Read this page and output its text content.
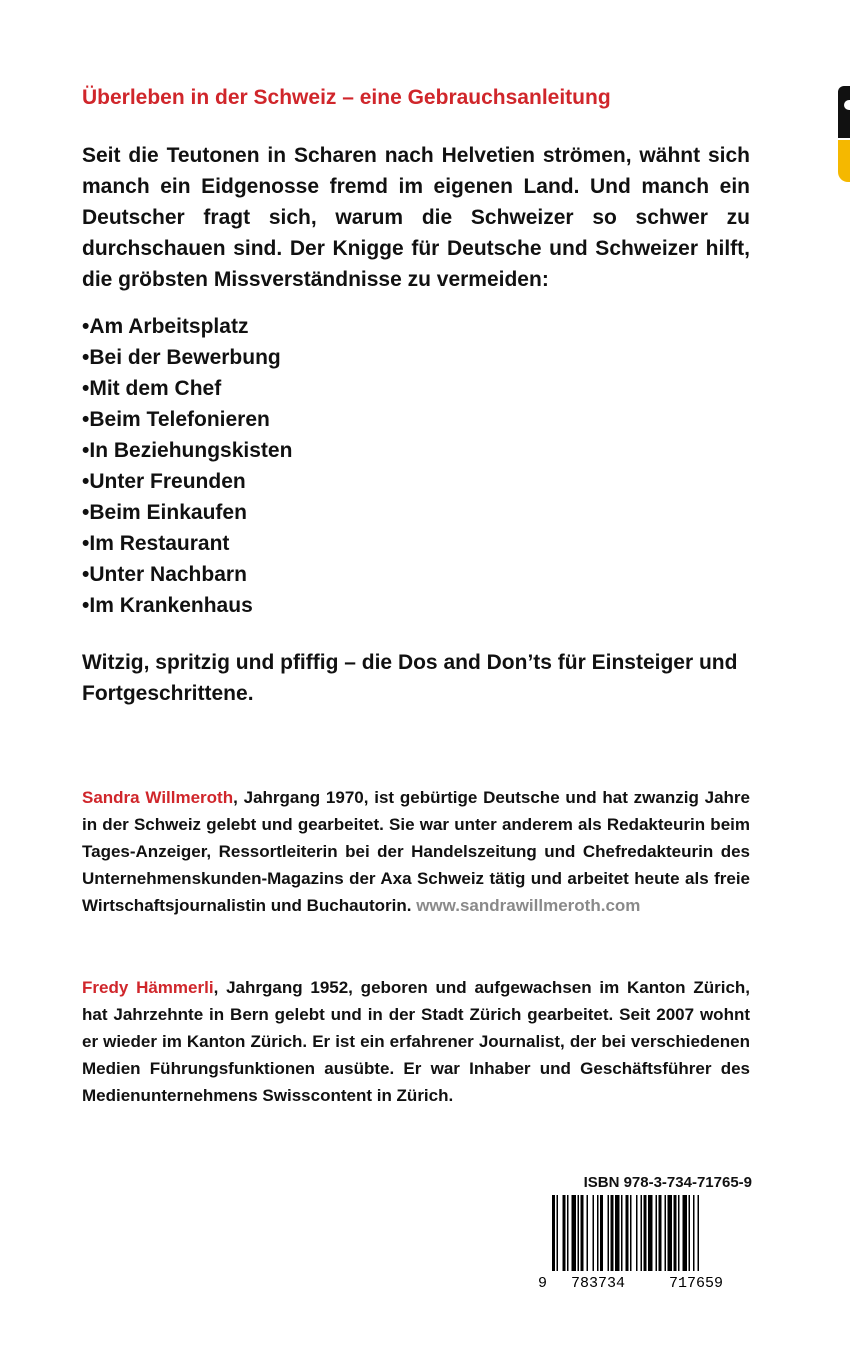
Überleben in der Schweiz – eine Gebrauchsanleitung

Seit die Teutonen in Scharen nach Helvetien strömen, wähnt sich manch ein Eidgenosse fremd im eigenen Land. Und manch ein Deutscher fragt sich, warum die Schweizer so schwer zu durchschauen sind. Der Knigge für Deutsche und Schweizer hilft, die gröbsten Missverständnisse zu vermeiden:

• Am Arbeitsplatz
• Bei der Bewerbung
• Mit dem Chef
• Beim Telefonieren
• In Beziehungskisten
• Unter Freunden
• Beim Einkaufen
• Im Restaurant
• Unter Nachbarn
• Im Krankenhaus

Witzig, spritzig und pfiffig – die Dos and Don’ts für Einsteiger und Fortgeschrittene.

Sandra Willmeroth, Jahrgang 1970, ist gebürtige Deutsche und hat zwanzig Jahre in der Schweiz gelebt und gearbeitet. Sie war unter anderem als Redakteurin beim Tages-Anzeiger, Ressortleiterin bei der Handelszeitung und Chefredakteurin des Unternehmenskunden-Magazins der Axa Schweiz tätig und arbeitet heute als freie Wirtschaftsjournalistin und Buchautorin. www.sandrawillmeroth.com

Fredy Hämmerli, Jahrgang 1952, geboren und aufgewachsen im Kanton Zürich, hat Jahrzehnte in Bern gelebt und in der Stadt Zürich gearbeitet. Seit 2007 wohnt er wieder im Kanton Zürich. Er ist ein erfahrener Journalist, der bei verschiedenen Medien Führungsfunktionen ausübte. Er war Inhaber und Geschäftsführer des Medienunternehmens Swisscontent in Zürich.

ISBN 978-3-734-71765-9

9 783734	717659
